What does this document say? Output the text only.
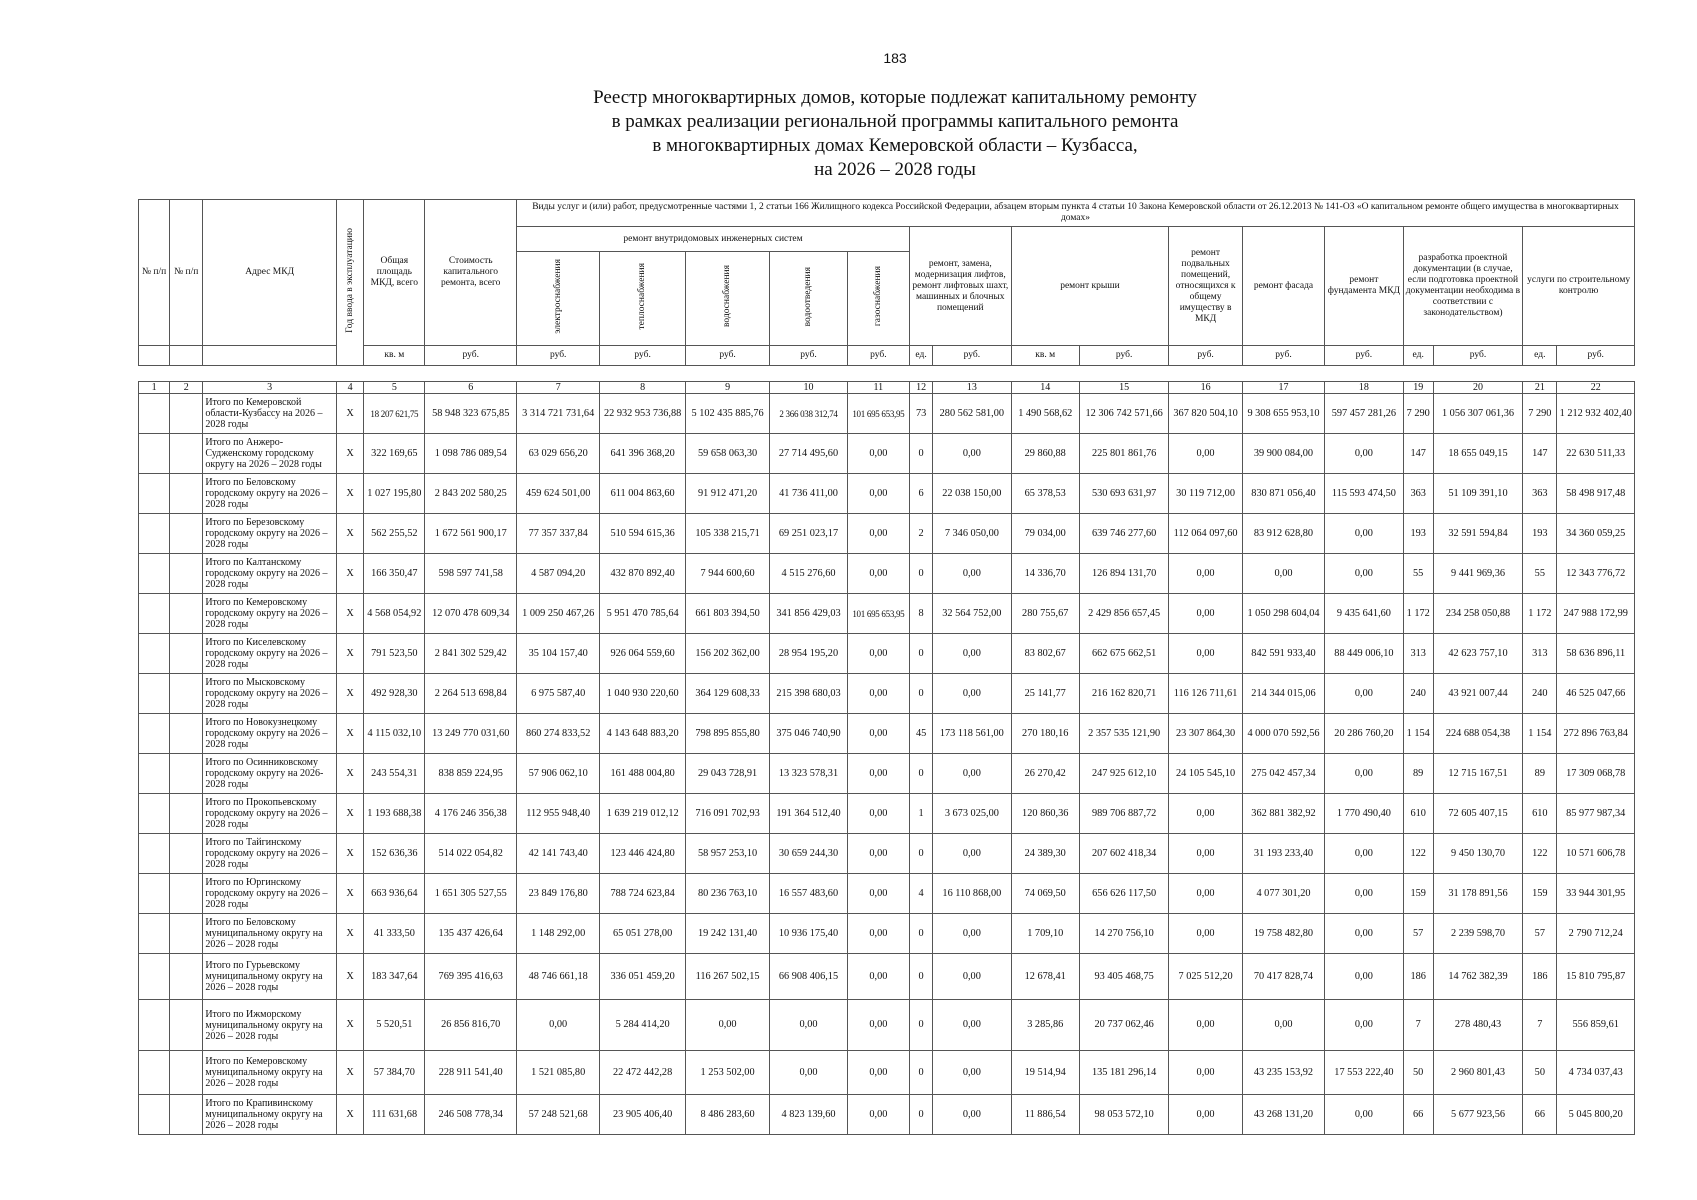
183
Реестр многоквартирных домов, которые подлежат капитальному ремонту
в рамках реализации региональной программы капитального ремонта
в многоквартирных домах Кемеровской области – Кузбасса,
на 2026 – 2028 годы
№ п/п	№ п/п	Адрес МКД	Год ввода в эксплуатацию	Общая площадь МКД, всего	Стоимость капитального ремонта, всего	Виды услуг и (или) работ, предусмотренные частями 1, 2 статьи 166 Жилищного кодекса Российской Федерации, абзацем вторым пункта 4 статьи 10 Закона Кемеровской области от 26.12.2013 № 141-ОЗ «О капитальном ремонте общего имущества в многоквартирных домах»															
						ремонт внутридомовых инженерных систем					ремонт, замена, модернизация лифтов, ремонт лифтовых шахт, машинных и блочных помещений		ремонт крыши		ремонт подвальных помещений, относящихся к общему имуществу в МКД	ремонт фасада	ремонт фундамента МКД	разработка проектной документации (в случае, если подготовка проектной документации необходима в соответствии с законодательством)		услуги по строительному контролю	
						электроснабжения	теплоснабжения	водоснабжения	водоотведения	газоснабжения											
				кв. м	руб.	руб.	руб.	руб.	руб.	руб.	ед.	руб.	кв. м	руб.	руб.	руб.	руб.	ед.	руб.	ед.	руб.
1	2	3	4	5	6	7	8	9	10	11	12	13	14	15	16	17	18	19	20	21	22
		Итого по Кемеровской области-Кузбассу на 2026 – 2028 годы	Х	18 207 621,75	58 948 323 675,85	3 314 721 731,64	22 932 953 736,88	5 102 435 885,76	2 366 038 312,74	101 695 653,95	73	280 562 581,00	1 490 568,62	12 306 742 571,66	367 820 504,10	9 308 655 953,10	597 457 281,26	7 290	1 056 307 061,36	7 290	1 212 932 402,40
		Итого по Анжеро-Судженскому городскому округу на 2026 – 2028 годы	Х	322 169,65	1 098 786 089,54	63 029 656,20	641 396 368,20	59 658 063,30	27 714 495,60	0,00	0	0,00	29 860,88	225 801 861,76	0,00	39 900 084,00	0,00	147	18 655 049,15	147	22 630 511,33
		Итого по Беловскому городскому округу на 2026 – 2028 годы	Х	1 027 195,80	2 843 202 580,25	459 624 501,00	611 004 863,60	91 912 471,20	41 736 411,00	0,00	6	22 038 150,00	65 378,53	530 693 631,97	30 119 712,00	830 871 056,40	115 593 474,50	363	51 109 391,10	363	58 498 917,48
		Итого по Березовскому городскому округу на 2026 – 2028 годы	Х	562 255,52	1 672 561 900,17	77 357 337,84	510 594 615,36	105 338 215,71	69 251 023,17	0,00	2	7 346 050,00	79 034,00	639 746 277,60	112 064 097,60	83 912 628,80	0,00	193	32 591 594,84	193	34 360 059,25
		Итого по Калтанскому городскому округу на 2026 – 2028 годы	Х	166 350,47	598 597 741,58	4 587 094,20	432 870 892,40	7 944 600,60	4 515 276,60	0,00	0	0,00	14 336,70	126 894 131,70	0,00	0,00	0,00	55	9 441 969,36	55	12 343 776,72
		Итого по Кемеровскому городскому округу на 2026 – 2028 годы	Х	4 568 054,92	12 070 478 609,34	1 009 250 467,26	5 951 470 785,64	661 803 394,50	341 856 429,03	101 695 653,95	8	32 564 752,00	280 755,67	2 429 856 657,45	0,00	1 050 298 604,04	9 435 641,60	1 172	234 258 050,88	1 172	247 988 172,99
		Итого по Киселевскому городскому округу на 2026 – 2028 годы	Х	791 523,50	2 841 302 529,42	35 104 157,40	926 064 559,60	156 202 362,00	28 954 195,20	0,00	0	0,00	83 802,67	662 675 662,51	0,00	842 591 933,40	88 449 006,10	313	42 623 757,10	313	58 636 896,11
		Итого по Мысковскому городскому округу на 2026 – 2028 годы	Х	492 928,30	2 264 513 698,84	6 975 587,40	1 040 930 220,60	364 129 608,33	215 398 680,03	0,00	0	0,00	25 141,77	216 162 820,71	116 126 711,61	214 344 015,06	0,00	240	43 921 007,44	240	46 525 047,66
		Итого по Новокузнецкому городскому округу на 2026 – 2028 годы	Х	4 115 032,10	13 249 770 031,60	860 274 833,52	4 143 648 883,20	798 895 855,80	375 046 740,90	0,00	45	173 118 561,00	270 180,16	2 357 535 121,90	23 307 864,30	4 000 070 592,56	20 286 760,20	1 154	224 688 054,38	1 154	272 896 763,84
		Итого по Осинниковскому городскому округу на 2026-2028 годы	Х	243 554,31	838 859 224,95	57 906 062,10	161 488 004,80	29 043 728,91	13 323 578,31	0,00	0	0,00	26 270,42	247 925 612,10	24 105 545,10	275 042 457,34	0,00	89	12 715 167,51	89	17 309 068,78
		Итого по Прокопьевскому городскому округу на 2026 – 2028 годы	Х	1 193 688,38	4 176 246 356,38	112 955 948,40	1 639 219 012,12	716 091 702,93	191 364 512,40	0,00	1	3 673 025,00	120 860,36	989 706 887,72	0,00	362 881 382,92	1 770 490,40	610	72 605 407,15	610	85 977 987,34
		Итого по Тайгинскому городскому округу на 2026 – 2028 годы	Х	152 636,36	514 022 054,82	42 141 743,40	123 446 424,80	58 957 253,10	30 659 244,30	0,00	0	0,00	24 389,30	207 602 418,34	0,00	31 193 233,40	0,00	122	9 450 130,70	122	10 571 606,78
		Итого по Юргинскому городскому округу на 2026 – 2028 годы	Х	663 936,64	1 651 305 527,55	23 849 176,80	788 724 623,84	80 236 763,10	16 557 483,60	0,00	4	16 110 868,00	74 069,50	656 626 117,50	0,00	4 077 301,20	0,00	159	31 178 891,56	159	33 944 301,95
		Итого по Беловскому муниципальному округу на 2026 – 2028 годы	Х	41 333,50	135 437 426,64	1 148 292,00	65 051 278,00	19 242 131,40	10 936 175,40	0,00	0	0,00	1 709,10	14 270 756,10	0,00	19 758 482,80	0,00	57	2 239 598,70	57	2 790 712,24
		Итого по Гурьевскому муниципальному округу на 2026 – 2028 годы	Х	183 347,64	769 395 416,63	48 746 661,18	336 051 459,20	116 267 502,15	66 908 406,15	0,00	0	0,00	12 678,41	93 405 468,75	7 025 512,20	70 417 828,74	0,00	186	14 762 382,39	186	15 810 795,87
		Итого по Ижморскому муниципальному округу на 2026 – 2028 годы	Х	5 520,51	26 856 816,70	0,00	5 284 414,20	0,00	0,00	0,00	0	0,00	3 285,86	20 737 062,46	0,00	0,00	0,00	7	278 480,43	7	556 859,61
		Итого по Кемеровскому муниципальному округу на 2026 – 2028 годы	Х	57 384,70	228 911 541,40	1 521 085,80	22 472 442,28	1 253 502,00	0,00	0,00	0	0,00	19 514,94	135 181 296,14	0,00	43 235 153,92	17 553 222,40	50	2 960 801,43	50	4 734 037,43
		Итого по Крапивинскому муниципальному округу на 2026 – 2028 годы	Х	111 631,68	246 508 778,34	57 248 521,68	23 905 406,40	8 486 283,60	4 823 139,60	0,00	0	0,00	11 886,54	98 053 572,10	0,00	43 268 131,20	0,00	66	5 677 923,56	66	5 045 800,20
